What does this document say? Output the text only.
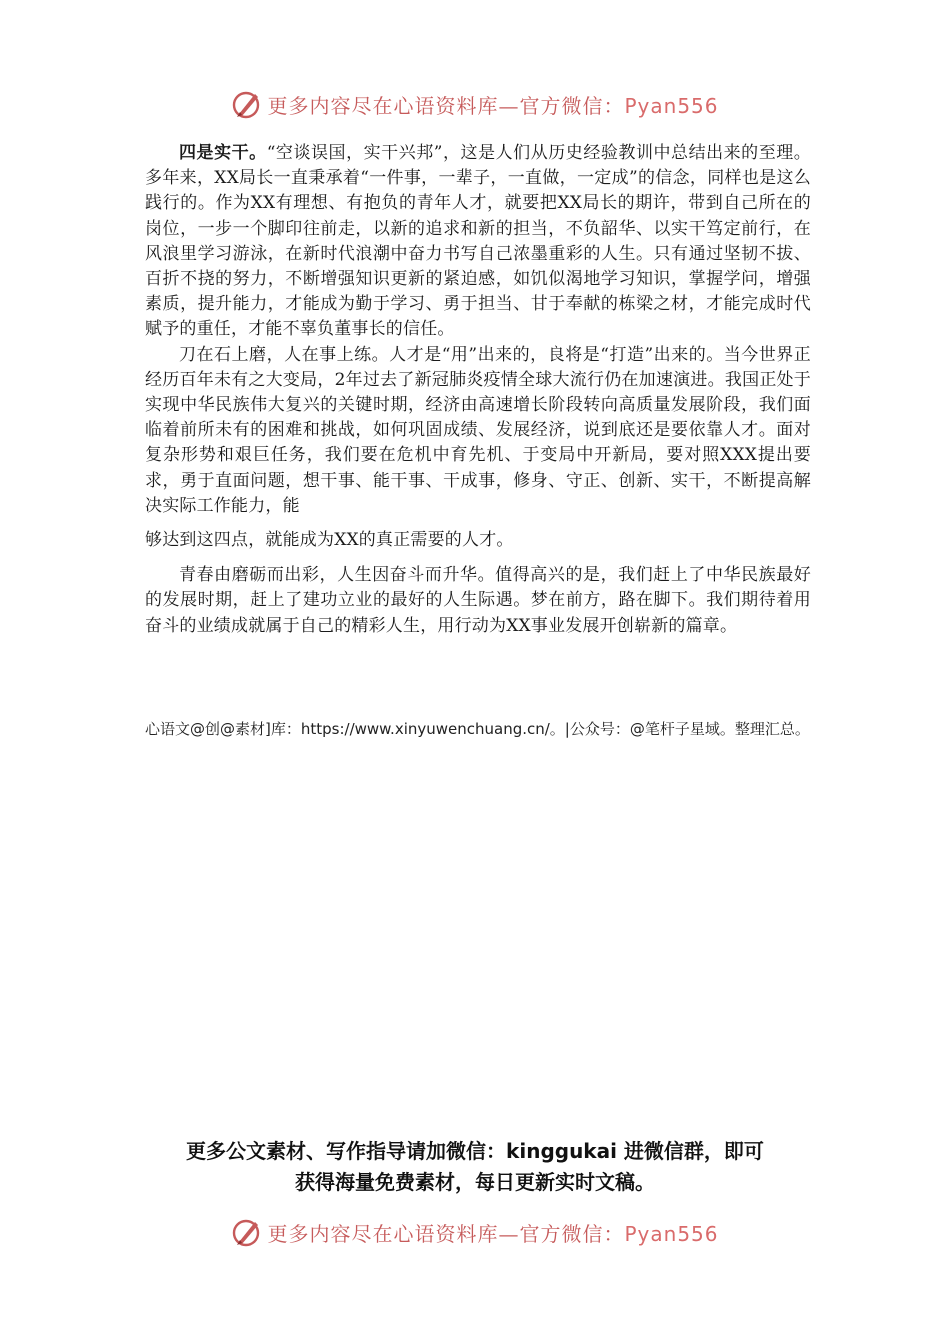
更多内容尽在心语资料库—官方微信：Pyan556

四是实干。“空谈误国，实干兴邦”，这是人们从历史经验教训中总结出来的至理。多年来，XX局长一直秉承着“一件事，一辈子，一直做，一定成”的信念，同样也是这么践行的。作为XX有理想、有抱负的青年人才，就要把XX局长的期许，带到自己所在的岗位，一步一个脚印往前走，以新的追求和新的担当，不负韶华、以实干笃定前行，在风浪里学习游泳，在新时代浪潮中奋力书写自己浓墨重彩的人生。只有通过坚韧不拔、百折不挠的努力，不断增强知识更新的紧迫感，如饥似渴地学习知识，掌握学问，增强素质，提升能力，才能成为勤于学习、勇于担当、甘于奉献的栋梁之材，才能完成时代赋予的重任，才能不辜负董事长的信任。

刀在石上磨，人在事上练。人才是“用”出来的，良将是“打造”出来的。当今世界正经历百年未有之大变局，2年过去了新冠肺炎疫情全球大流行仍在加速演进。我国正处于实现中华民族伟大复兴的关键时期，经济由高速增长阶段转向高质量发展阶段，我们面临着前所未有的困难和挑战，如何巩固成绩、发展经济，说到底还是要依靠人才。面对复杂形势和艰巨任务，我们要在危机中育先机、于变局中开新局，要对照XXX提出要求，勇于直面问题，想干事、能干事、干成事，修身、守正、创新、实干，不断提高解决实际工作能力，能

够达到这四点，就能成为XX的真正需要的人才。

青春由磨砺而出彩，人生因奋斗而升华。值得高兴的是，我们赶上了中华民族最好的发展时期，赶上了建功立业的最好的人生际遇。梦在前方，路在脚下。我们期待着用奋斗的业绩成就属于自己的精彩人生，用行动为XX事业发展开创崭新的篇章。

心语文@创@素材]库：https://www.xinyuwenchuang.cn/。|公众号：@笔杆子星域。整理汇总。
更多公文素材、写作指导请加微信：kinggukai 进微信群，即可
获得海量免费素材，每日更新实时文稿。
更多内容尽在心语资料库—官方微信：Pyan556
